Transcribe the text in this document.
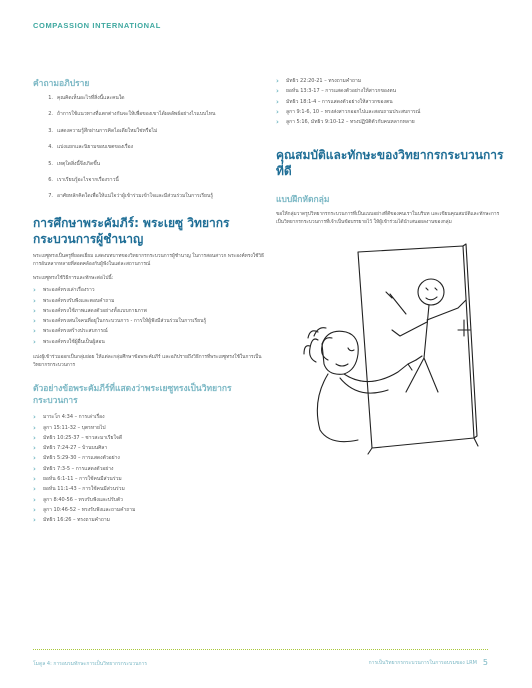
COMPASSION INTERNATIONAL
คำถามอภิปราย
1. คุณคิดเห็นอะไรที่สิ่งนี้และคนใด
2. ถ้าการใช้แนวทางที่แตกต่างกันจะให้เพื่อของเขาได้ผลลัพธ์อย่างไรแบบไหน
3. แสดงความรู้สึกผ่านการคิดไอเดียใหม่ใช่หรือไม่
4. แบ่งแยกและนิยามขอบเขตของเรื่อง
5. เหตุใดสิ่งนี้จึงเกิดขึ้น
6. เราเรียนรู้อะไรจากเรื่องราวนี้
7. อาศัยหลักคิดใดเพื่อให้แน่ใจว่าผู้เข้าร่วมเข้าใจและมีส่วนร่วมในการเรียนรู้
การศึกษาพระคัมภีร์: พระเยซู วิทยากรกระบวนการผู้ชำนาญ

พระเยซูทรงเป็นครูที่ยอดเยี่ยม แสดงบทบาทของวิทยากรกระบวนการผู้ชำนาญ ในการสอนสาวก พระองค์ทรงใช้วิธีการอันหลากหลายที่สอดคล้องกับผู้ฟังในแต่ละสถานการณ์

พระเยซูทรงใช้วิธีการและทักษะต่อไปนี้:

›	พระองค์ทรงเล่าเรื่องราว
›	พระองค์ทรงรับฟังและตอบคำถาม
›	พระองค์ทรงใช้ภาพแสดงตัวอย่างทั้งแบบกายภาพ
›	พระองค์ทรงสนใจคนที่อยู่ในกระบวนการ - การให้ผู้ฟังมีส่วนร่วมในการเรียนรู้
›	พระองค์ทรงสร้างประสบการณ์
›	พระองค์ทรงใช้ผู้อื่นเป็นผู้สอน

แบ่งผู้เข้าร่วมออกเป็นกลุ่มย่อย ให้แต่ละกลุ่มศึกษาข้อพระคัมภีร์ และอภิปรายถึงวิธีการที่พระเยซูทรงใช้ในการเป็นวิทยากรกระบวนการ

ตัวอย่างข้อพระคัมภีร์ที่แสดงว่าพระเยซูทรงเป็นวิทยากรกระบวนการ
›	มาระโก 4:34 – การเล่าเรื่อง
›	ลูกา 15:11-32 – บุตรหายไป
›	มัทธิว 10:25-37 – ชาวสะมาเรียใจดี
›	มัทธิว 7:24-27 – บ้านบนศิลา
›	มัทธิว 5:29-30 – การแสดงตัวอย่าง
›	มัทธิว 7:3-5 – การแสดงตัวอย่าง
›	ยอห์น 6:1-11 – การใช้คนมีส่วนร่วม
›	ยอห์น 11:1-43 – การใช้คนมีส่วนร่วม
›	ลูกา 8:40-56 – ทรงรับฟังและปรับตัว
›	ลูกา 10:46-52 – ทรงรับฟังและถามคำถาม
›	มัทธิว 16:26 – ทรงถามคำถาม
›	มัทธิว 22:20-21 – ทรงถามคำถาม
›	ยอห์น 13:3-17 – การแสดงตัวอย่างให้สาวกของตน
›	มัทธิว 18:1-4 – การแสดงตัวอย่างให้สาวกของตน
›	ลูกา 9:1-6, 10 – ทรงส่งสาวกออกไปและสอบถามประสบการณ์
›	ลูกา 5:16, มัทธิว 9:10-12 – ทรงปฏิบัติตัวกับคนหลากหลาย
คุณสมบัติและทักษะของวิทยากรกระบวนการที่ดี
แบบฝึกหัดกลุ่ม

ขอให้กลุ่มวาดรูปวิทยากรกระบวนการที่เป็นแบบอย่างที่ดีของคนเราในบริบท และเขียนคุณสมบัติและทักษะการเป็นวิทยากรกระบวนการที่เจ้าเป็นข้อบรรยายไว้ ให้ผู้เข้าร่วมได้นำเสนอผลงานของกลุ่ม

โมดูล 4: การอบรมทักษะการเป็นวิทยากรกระบวนการ	การเป็นวิทยากรกระบวนการในการอบรมของ LRM 5
